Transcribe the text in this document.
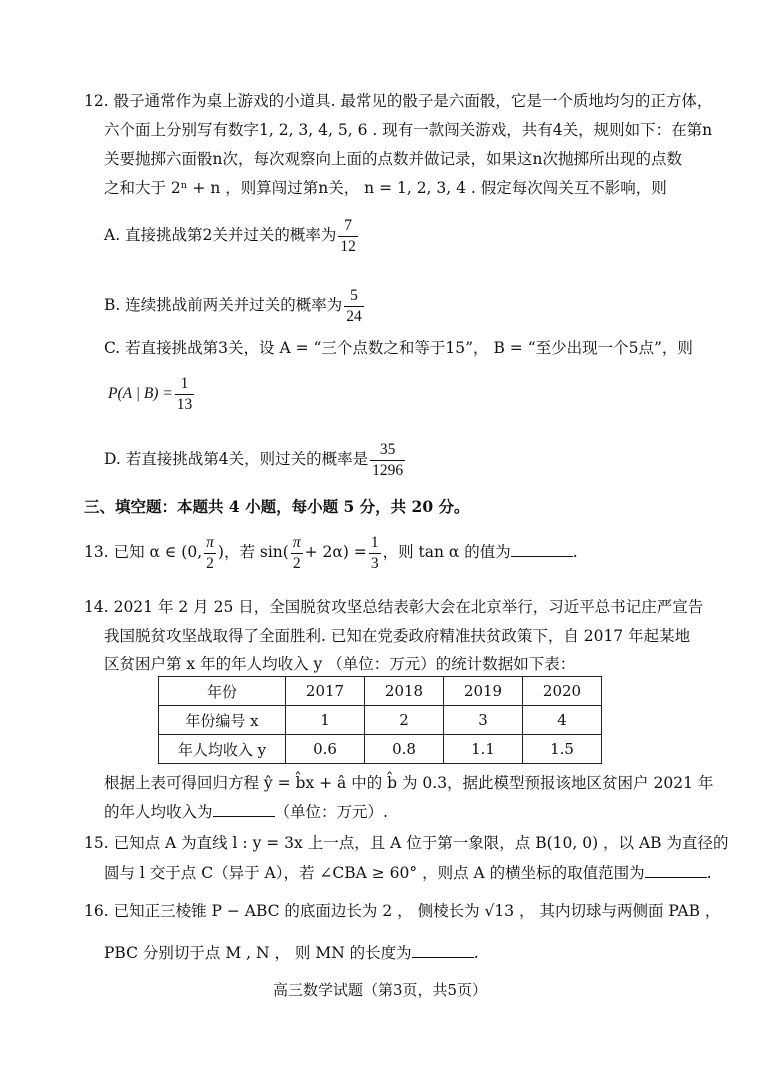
12. 骰子通常作为桌上游戏的小道具. 最常见的骰子是六面骰，它是一个质地均匀的正方体，
六个面上分别写有数字1, 2, 3, 4, 5, 6 . 现有一款闯关游戏，共有4关，规则如下：在第n
关要抛掷六面骰n次，每次观察向上面的点数并做记录，如果这n次抛掷所出现的点数
之和大于 2ⁿ + n ，则算闯过第n关， n = 1, 2, 3, 4 . 假定每次闯关互不影响，则
A. 直接挑战第2关并过关的概率为 $\frac{7}{12}$
B. 连续挑战前两关并过关的概率为 $\frac{5}{24}$
C. 若直接挑战第3关，设 A = “三个点数之和等于15”， B = “至少出现一个5点”，则
P(A | $B) = \frac{1}{13}$
D. 若直接挑战第4关，则过关的概率是 $\frac{35}{1296}$
三、填空题：本题共 4 小题，每小题 5 分，共 20 分。
13. 已知 α ∈ (0, $\frac{\pi}{2}$ )，若 $\sin( \frac{\pi}{2} + 2\alpha) = \frac{1}{3}$ ，则 tan α 的值为	.
14. 2021 年 2 月 25 日，全国脱贫攻坚总结表彰大会在北京举行，习近平总书记庄严宣告
我国脱贫攻坚战取得了全面胜利. 已知在党委政府精准扶贫政策下，自 2017 年起某地
区贫困户第 x 年的年人均收入 y （单位：万元）的统计数据如下表：
年份	2017	2018	2019	2020
年份编号 x	1	2	3	4
年人均收入 y	0.6	0.8	1.1	1.5
根据上表可得回归方程 ŷ = b̂x + â 中的 b̂ 为 0.3，据此模型预报该地区贫困户 2021 年
的年人均收入为	（单位：万元）.
15. 已知点 A 为直线 l : y = 3x 上一点，且 A 位于第一象限，点 B(10, 0) ，以 AB 为直径的
圆与 l 交于点 C（异于 A），若 ∠CBA ≥ 60° ，则点 A 的横坐标的取值范围为	.
16. 已知正三棱锥 P − ABC 的底面边长为 2 ， 侧棱长为 √13 ， 其内切球与两侧面 PAB ，
PBC 分别切于点 M , N ， 则 MN 的长度为	.
高三数学试题（第3页，共5页）
